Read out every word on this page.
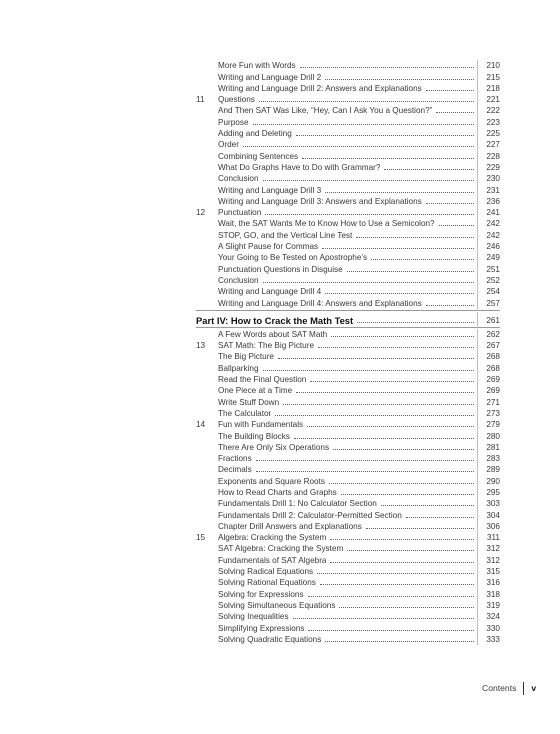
More Fun with Words	210
Writing and Language Drill 2	215
Writing and Language Drill 2: Answers and Explanations	218
11	Questions	221
And Then SAT Was Like, “Hey, Can I Ask You a Question?”	222
Purpose	223
Adding and Deleting	225
Order	227
Combining Sentences	228
What Do Graphs Have to Do with Grammar?	229
Conclusion	230
Writing and Language Drill 3	231
Writing and Language Drill 3: Answers and Explanations	236
12	Punctuation	241
Wait, the SAT Wants Me to Know How to Use a Semicolon?	242
STOP, GO, and the Vertical Line Test	242
A Slight Pause for Commas	246
Your Going to Be Tested on Apostrophe’s	249
Punctuation Questions in Disguise	251
Conclusion	252
Writing and Language Drill 4	254
Writing and Language Drill 4: Answers and Explanations	257
Part IV: How to Crack the Math Test	261
A Few Words about SAT Math	262
13	SAT Math: The Big Picture	267
The Big Picture	268
Ballparking	268
Read the Final Question	269
One Piece at a Time	269
Write Stuff Down	271
The Calculator	273
14	Fun with Fundamentals	279
The Building Blocks	280
There Are Only Six Operations	281
Fractions	283
Decimals	289
Exponents and Square Roots	290
How to Read Charts and Graphs	295
Fundamentals Drill 1: No Calculator Section	303
Fundamentals Drill 2: Calculator-Permitted Section	304
Chapter Drill Answers and Explanations	306
15	Algebra: Cracking the System	311
SAT Algebra: Cracking the System	312
Fundamentals of SAT Algebra	312
Solving Radical Equations	315
Solving Rational Equations	316
Solving for Expressions	318
Solving Simultaneous Equations	319
Solving Inequalities	324
Simplifying Expressions	330
Solving Quadratic Equations	333
Contents v
